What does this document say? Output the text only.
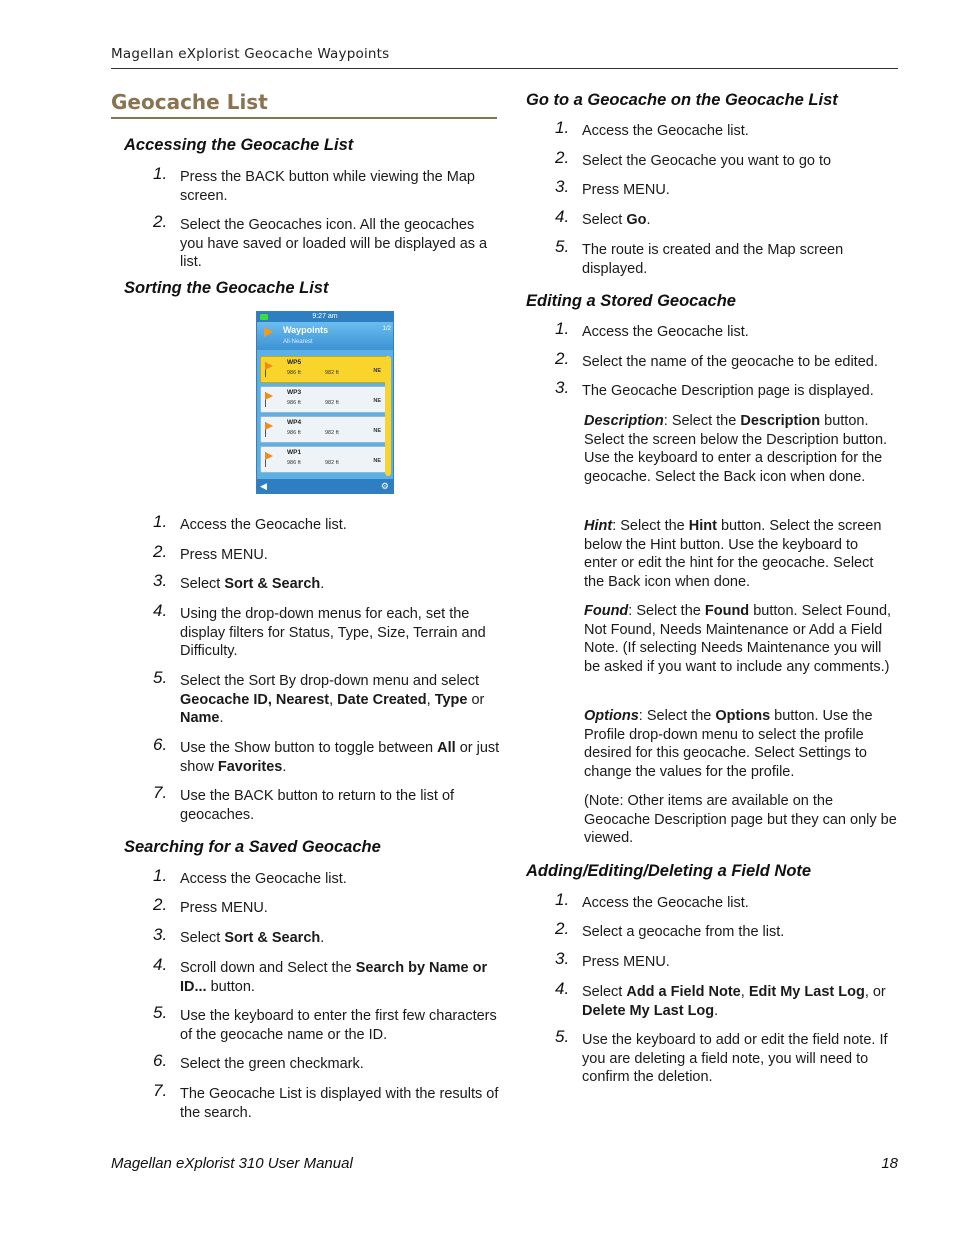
Magellan eXplorist Geocache Waypoints
Geocache List
Accessing the Geocache List
1. Press the BACK button while viewing the Map screen.
2. Select the Geocaches icon. All the geocaches you have saved or loaded will be displayed as a list.
Sorting the Geocache List
1. Access the Geocache list.
2. Press MENU.
3. Select Sort & Search.
4. Using the drop-down menus for each, set the display filters for Status, Type, Size, Terrain and Difficulty.
5. Select the Sort By drop-down menu and select Geocache ID, Nearest, Date Created, Type or Name.
6. Use the Show button to toggle between All or just show Favorites.
7. Use the BACK button to return to the list of geocaches.
Searching for a Saved Geocache
1. Access the Geocache list.
2. Press MENU.
3. Select Sort & Search.
4. Scroll down and Select the Search by Name or ID... button.
5. Use the keyboard to enter the first few characters of the geocache name or the ID.
6. Select the green checkmark.
7. The Geocache List is displayed with the results of the search.
9:27 am
Waypoints
All-Nearest
1/2
WP5
986 ft	982 ft	NE
WP3
986 ft	982 ft	NE
WP4
986 ft	982 ft	NE
WP1
986 ft	982 ft	NE
◀	⚙
Go to a Geocache on the Geocache List
1. Access the Geocache list.
2. Select the Geocache you want to go to
3. Press MENU.
4. Select Go.
5. The route is created and the Map screen displayed.
Editing a Stored Geocache
1. Access the Geocache list.
2. Select the name of the geocache to be edited.
3. The Geocache Description page is displayed.
Description: Select the Description button. Select the screen below the Description button. Use the keyboard to enter a description for the geocache. Select the Back icon when done.
Hint: Select the Hint button. Select the screen below the Hint button. Use the keyboard to enter or edit the hint for the geocache. Select the Back icon when done.
Found: Select the Found button. Select Found, Not Found, Needs Maintenance or Add a Field Note. (If selecting Needs Maintenance you will be asked if you want to include any comments.)
Options: Select the Options button. Use the Profile drop-down menu to select the profile desired for this geocache. Select Settings to change the values for the profile.
(Note: Other items are available on the Geocache Description page but they can only be viewed.
Adding/Editing/Deleting a Field Note
1. Access the Geocache list.
2. Select a geocache from the list.
3. Press MENU.
4. Select Add a Field Note, Edit My Last Log, or Delete My Last Log.
5. Use the keyboard to add or edit the field note. If you are deleting a field note, you will need to confirm the deletion.
Magellan eXplorist 310 User Manual	18
